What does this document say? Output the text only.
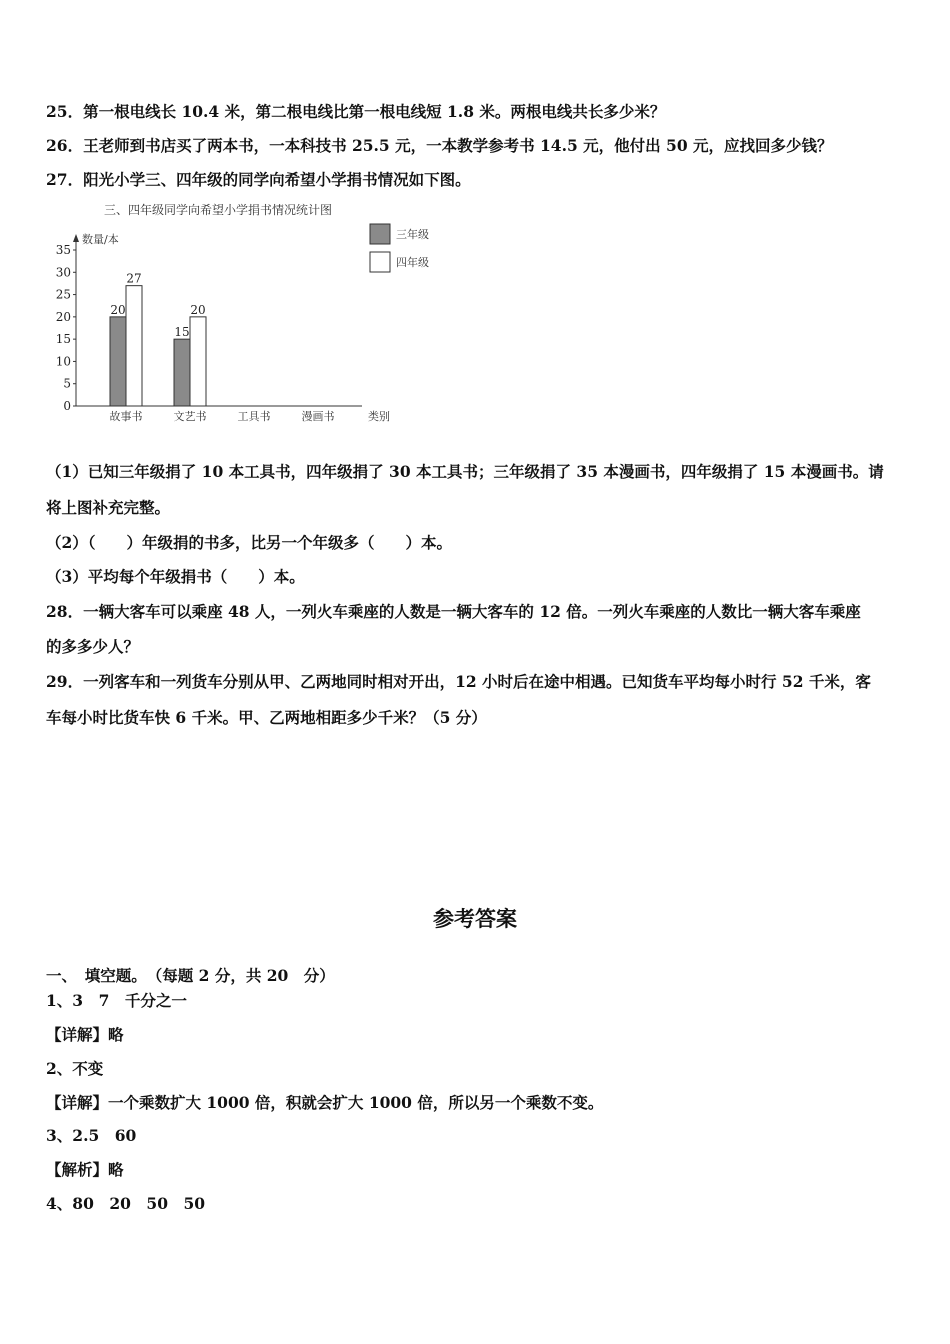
25．第一根电线长 10.4 米，第二根电线比第一根电线短 1.8 米。两根电线共长多少米？
26．王老师到书店买了两本书，一本科技书 25.5 元，一本教学参考书 14.5 元，他付出 50 元，应找回多少钱？
27．阳光小学三、四年级的同学向希望小学捐书情况如下图。
三、四年级同学向希望小学捐书情况统计图
数量/本
类别
0
5
10
15
20
25
30
35
20
27
15
20
故事书	文艺书	工具书	漫画书
三年级
四年级
（1）已知三年级捐了 10 本工具书，四年级捐了 30 本工具书；三年级捐了 35 本漫画书，四年级捐了 15 本漫画书。请
将上图补充完整。
（2）（　　）年级捐的书多，比另一个年级多（　　）本。
（3）平均每个年级捐书（　　）本。
28．一辆大客车可以乘座 48 人，一列火车乘座的人数是一辆大客车的 12 倍。一列火车乘座的人数比一辆大客车乘座
的多多少人？
29．一列客车和一列货车分别从甲、乙两地同时相对开出，12 小时后在途中相遇。已知货车平均每小时行 52 千米，客
车每小时比货车快 6 千米。甲、乙两地相距多少千米？（5 分）
参考答案
一、　填空题。　（每题 2 分，共 20　分）
1、3　7　千分之一
【详解】略
2、不变
【详解】一个乘数扩大 1000 倍，积就会扩大 1000 倍，所以另一个乘数不变。
3、2.5　60
【解析】略
4、80　20　50　50
